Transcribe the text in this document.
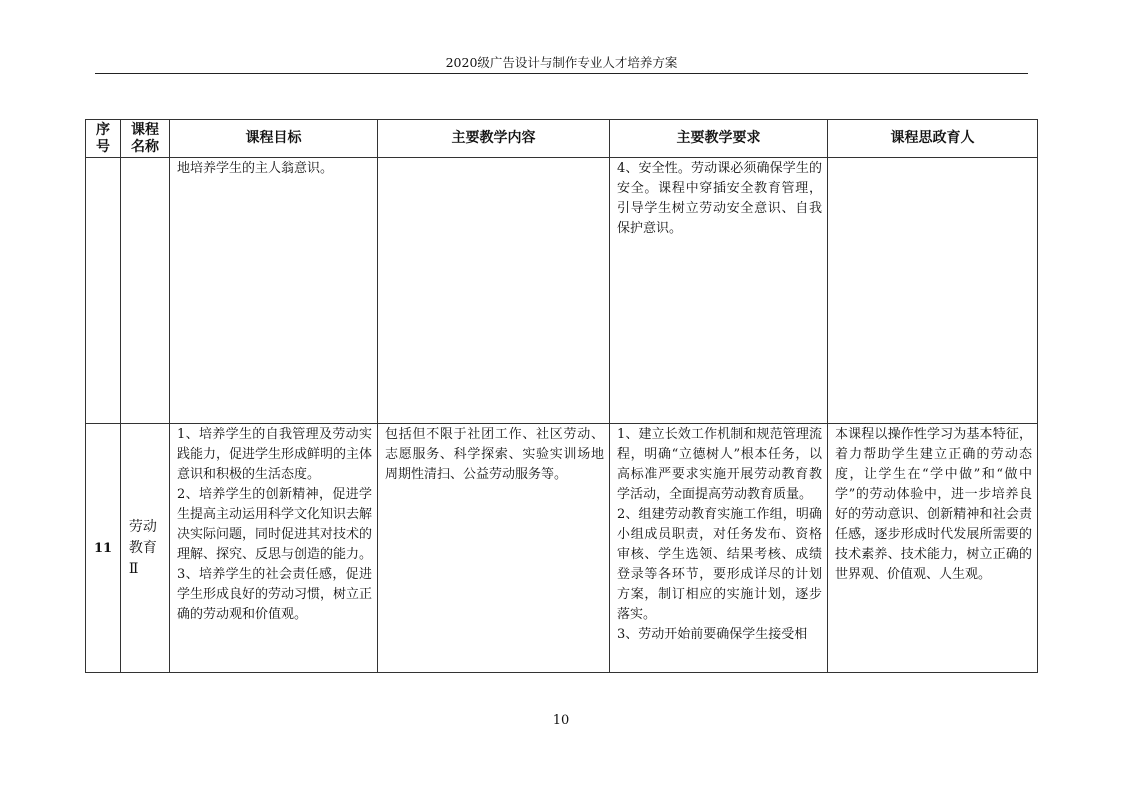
2020级广告设计与制作专业人才培养方案
序号	课程名称	课程目标	主要教学内容	主要教学要求	课程思政育人

		地培养学生的主人翁意识。		4、安全性。劳动课必须确保学生的安全。课程中穿插安全教育管理，引导学生树立劳动安全意识、自我保护意识。	

11	劳动教育Ⅱ	1、培养学生的自我管理及劳动实践能力，促进学生形成鲜明的主体意识和积极的生活态度。
2、培养学生的创新精神，促进学生提高主动运用科学文化知识去解决实际问题，同时促进其对技术的理解、探究、反思与创造的能力。
3、培养学生的社会责任感，促进学生形成良好的劳动习惯，树立正确的劳动观和价值观。	包括但不限于社团工作、社区劳动、志愿服务、科学探索、实验实训场地周期性清扫、公益劳动服务等。	1、建立长效工作机制和规范管理流程，明确“立德树人”根本任务，以高标准严要求实施开展劳动教育教学活动，全面提高劳动教育质量。
2、组建劳动教育实施工作组，明确小组成员职责，对任务发布、资格审核、学生选领、结果考核、成绩登录等各环节，要形成详尽的计划方案，制订相应的实施计划，逐步落实。
3、劳动开始前要确保学生接受相	本课程以操作性学习为基本特征，着力帮助学生建立正确的劳动态度，让学生在“学中做”和“做中学”的劳动体验中，进一步培养良好的劳动意识、创新精神和社会责任感，逐步形成时代发展所需要的技术素养、技术能力，树立正确的世界观、价值观、人生观。
10
